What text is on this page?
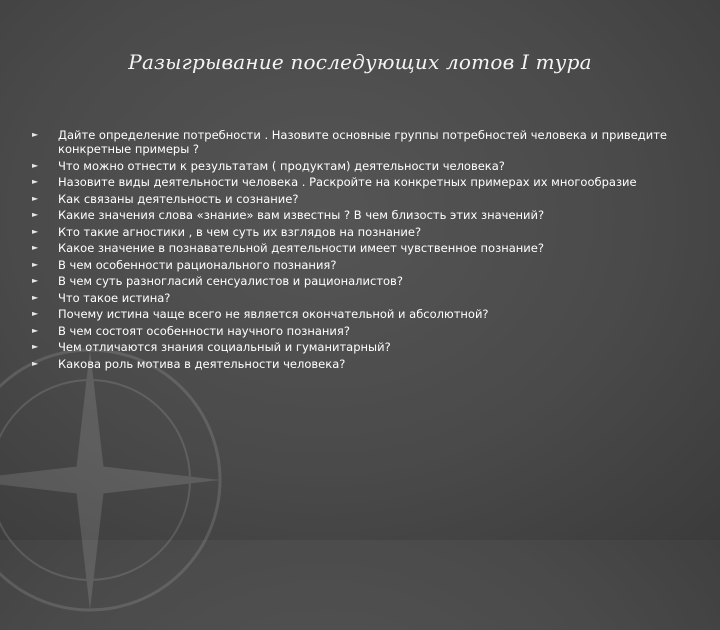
Разыгрывание последующих лотов I тура
►	Дайте определение потребности . Назовите основные группы потребностей человека и приведите конкретные примеры ?
►	Что можно отнести к результатам ( продуктам) деятельности человека?
►	Назовите виды деятельности человека . Раскройте на конкретных примерах их многообразие
►	Как связаны деятельность и сознание?
►	Какие значения слова «знание» вам известны ? В чем близость этих значений?
►	Кто такие агностики , в чем суть их взглядов на познание?
►	Какое значение в познавательной деятельности имеет чувственное познание?
►	В чем особенности рационального познания?
►	В чем суть разногласий сенсуалистов и рационалистов?
►	Что такое истина?
►	Почему истина чаще всего не является окончательной и абсолютной?
►	В чем состоят особенности научного познания?
►	Чем отличаются знания социальный и гуманитарный?
►	Какова роль мотива в деятельности человека?
